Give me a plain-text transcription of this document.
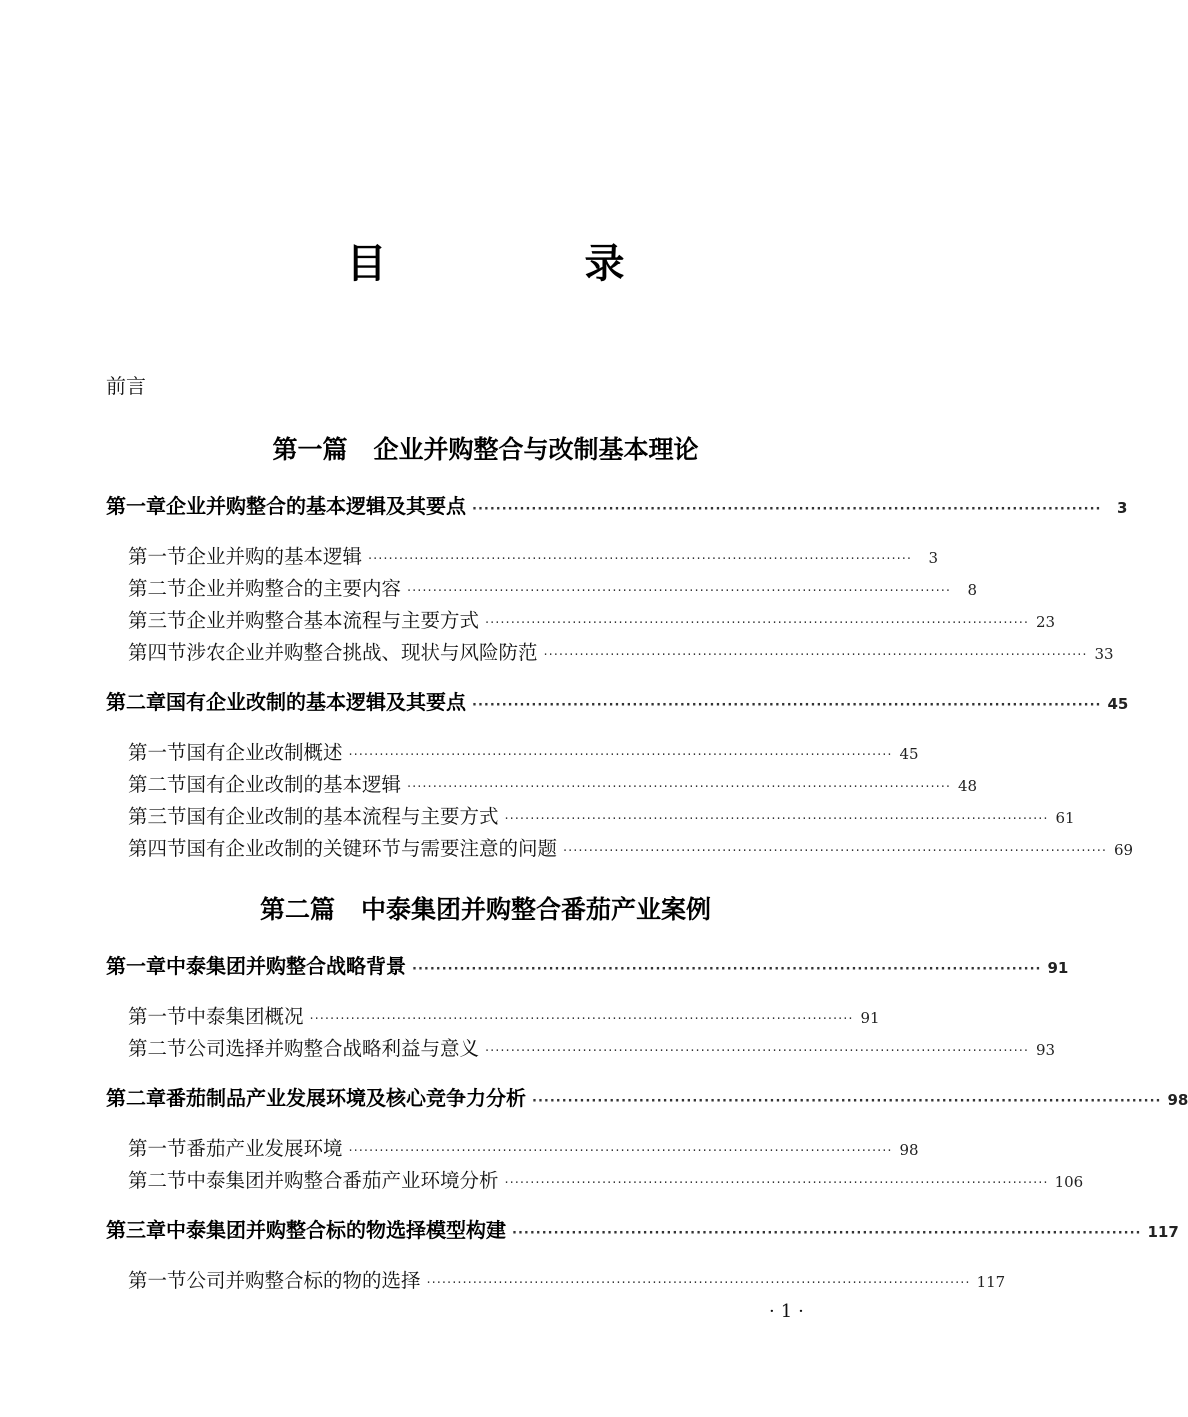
目 录
前言
第一篇 企业并购整合与改制基本理论
第一章 企业并购整合的基本逻辑及其要点 ··········································································································	3
第一节 企业并购的基本逻辑 ··········································································································	3
第二节 企业并购整合的主要内容 ··········································································································	8
第三节 企业并购整合基本流程与主要方式 ·········································································································· 23
第四节 涉农企业并购整合挑战、现状与风险防范 ·········································································································· 33
第二章 国有企业改制的基本逻辑及其要点 ·········································································································· 45
第一节 国有企业改制概述 ·········································································································· 45
第二节 国有企业改制的基本逻辑 ·········································································································· 48
第三节 国有企业改制的基本流程与主要方式 ·········································································································· 61
第四节 国有企业改制的关键环节与需要注意的问题 ·········································································································· 69
第二篇 中泰集团并购整合番茄产业案例
第一章 中泰集团并购整合战略背景 ·········································································································· 91
第一节 中泰集团概况 ·········································································································· 91
第二节 公司选择并购整合战略利益与意义 ·········································································································· 93
第二章 番茄制品产业发展环境及核心竞争力分析 ·········································································································· 98
第一节 番茄产业发展环境 ·········································································································· 98
第二节 中泰集团并购整合番茄产业环境分析 ·········································································································· 106
第三章 中泰集团并购整合标的物选择模型构建 ·········································································································· 117
第一节 公司并购整合标的物的选择 ·········································································································· 117
·1·
